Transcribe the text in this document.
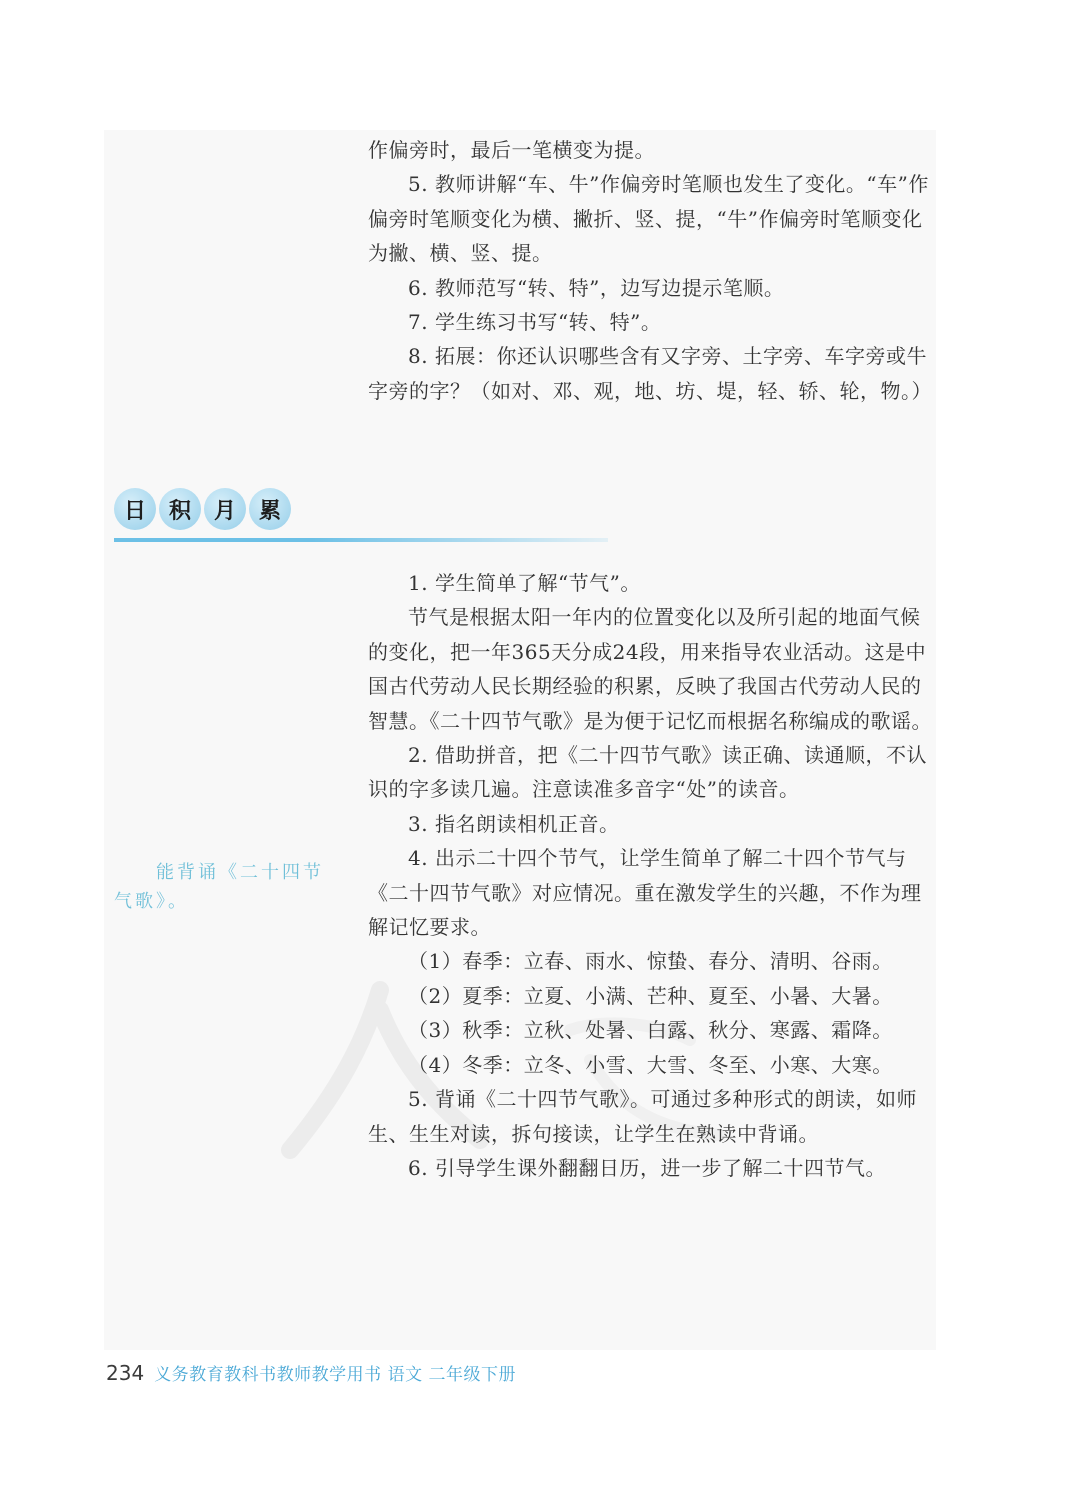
作偏旁时，最后一笔横变为提。

5. 教师讲解“车、牛”作偏旁时笔顺也发生了变化。“车”作偏旁时笔顺变化为横、撇折、竖、提，“牛”作偏旁时笔顺变化为撇、横、竖、提。

6. 教师范写“转、特”，边写边提示笔顺。

7. 学生练习书写“转、特”。

8. 拓展：你还认识哪些含有又字旁、土字旁、车字旁或牛字旁的字？（如对、邓、观，地、坊、堤，轻、轿、轮，物。）

日	积	月	累
能背诵《二十四节
气歌》。

1. 学生简单了解“节气”。

节气是根据太阳一年内的位置变化以及所引起的地面气候的变化，把一年365天分成24段，用来指导农业活动。这是中国古代劳动人民长期经验的积累，反映了我国古代劳动人民的智慧。《二十四节气歌》是为便于记忆而根据名称编成的歌谣。

2. 借助拼音，把《二十四节气歌》读正确、读通顺，不认识的字多读几遍。注意读准多音字“处”的读音。

3. 指名朗读相机正音。

4. 出示二十四个节气，让学生简单了解二十四个节气与《二十四节气歌》对应情况。重在激发学生的兴趣，不作为理解记忆要求。

（1）春季：立春、雨水、惊蛰、春分、清明、谷雨。

（2）夏季：立夏、小满、芒种、夏至、小暑、大暑。

（3）秋季：立秋、处暑、白露、秋分、寒露、霜降。

（4）冬季：立冬、小雪、大雪、冬至、小寒、大寒。

5. 背诵《二十四节气歌》。可通过多种形式的朗读，如师生、生生对读，拆句接读，让学生在熟读中背诵。

6. 引导学生课外翻翻日历，进一步了解二十四节气。

234 义务教育教科书教师教学用书 语文 二年级下册
